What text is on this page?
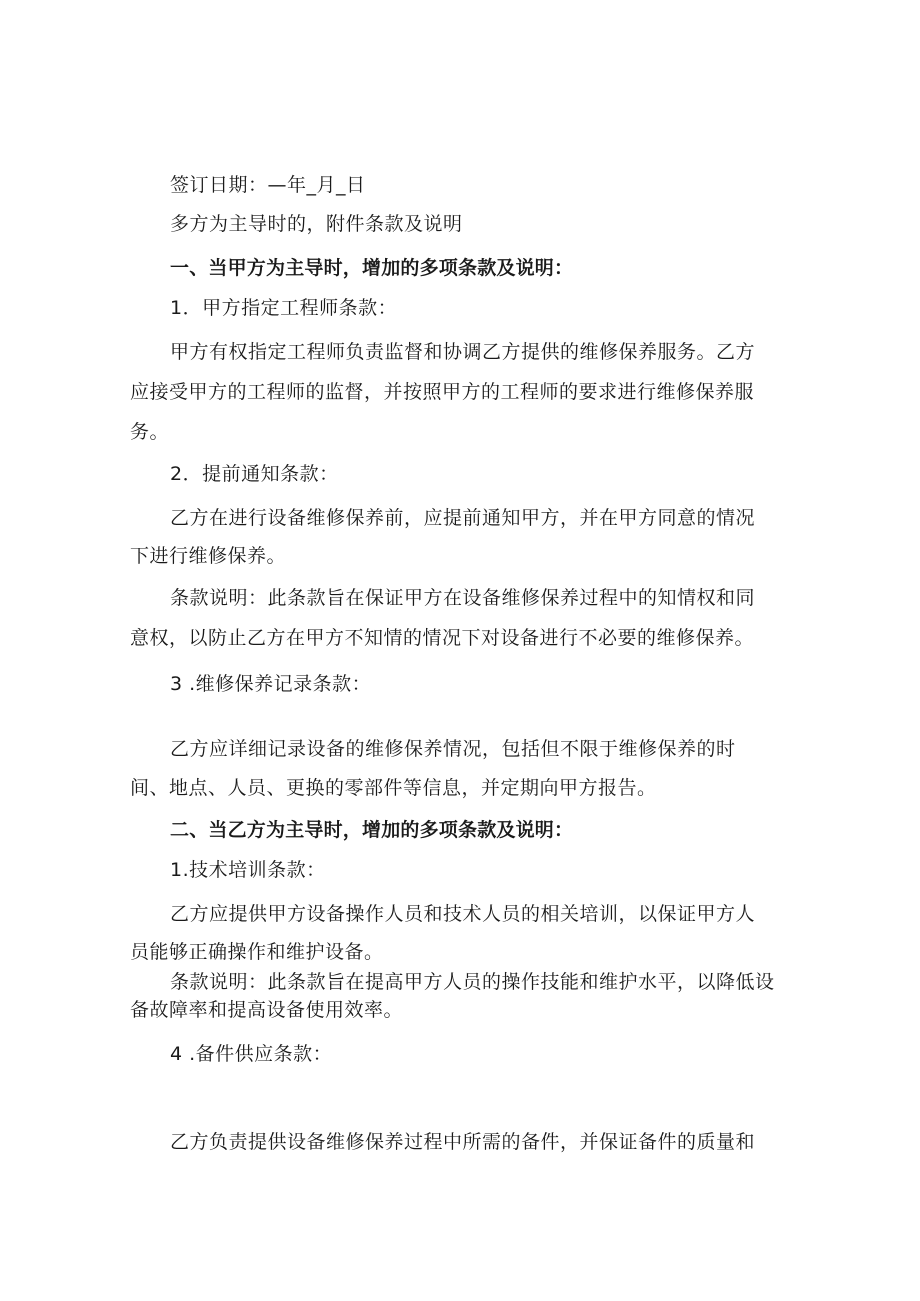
签订日期：—年_月_日
多方为主导时的，附件条款及说明
一、当甲方为主导时，增加的多项条款及说明：
1．甲方指定工程师条款：
甲方有权指定工程师负责监督和协调乙方提供的维修保养服务。乙方
应接受甲方的工程师的监督，并按照甲方的工程师的要求进行维修保养服
务。
2．提前通知条款：
乙方在进行设备维修保养前，应提前通知甲方，并在甲方同意的情况
下进行维修保养。
条款说明：此条款旨在保证甲方在设备维修保养过程中的知情权和同
意权，以防止乙方在甲方不知情的情况下对设备进行不必要的维修保养。
3 .维修保养记录条款：
乙方应详细记录设备的维修保养情况，包括但不限于维修保养的时
间、地点、人员、更换的零部件等信息，并定期向甲方报告。
二、当乙方为主导时，增加的多项条款及说明：
1.技术培训条款：
乙方应提供甲方设备操作人员和技术人员的相关培训，以保证甲方人
员能够正确操作和维护设备。
条款说明：此条款旨在提高甲方人员的操作技能和维护水平，以降低设
备故障率和提高设备使用效率。
4 .备件供应条款：
乙方负责提供设备维修保养过程中所需的备件，并保证备件的质量和
